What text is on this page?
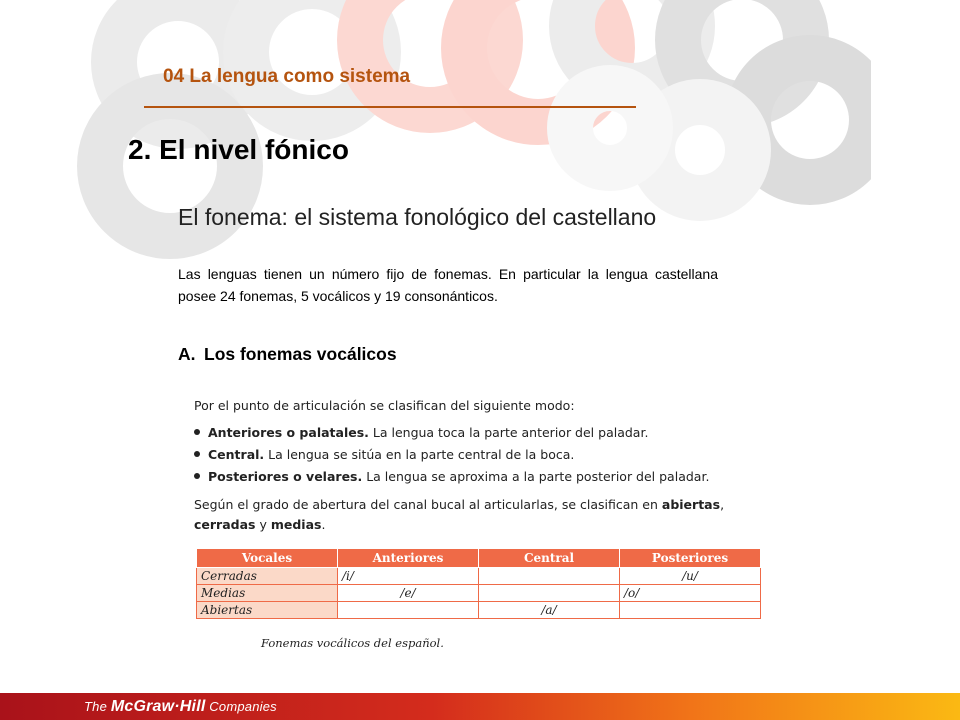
04 La lengua como sistema
2. El nivel fónico
El fonema: el sistema fonológico del castellano

Las lenguas tienen un número fijo de fonemas. En particular la lengua castellana posee 24 fonemas, 5 vocálicos y 19 consonánticos.

A. Los fonemas vocálicos

Por el punto de articulación se clasifican del siguiente modo:

Anteriores o palatales. La lengua toca la parte anterior del paladar.
Central. La lengua se sitúa en la parte central de la boca.
Posteriores o velares. La lengua se aproxima a la parte posterior del paladar.

Según el grado de abertura del canal bucal al articularlas, se clasifican en abiertas, cerradas y medias.

Vocales	Anteriores	Central	Posteriores
Cerradas	/i/		/u/
Medias	/e/		/o/
Abiertas		/a/	

Fonemas vocálicos del español.

The McGraw·Hill Companies
